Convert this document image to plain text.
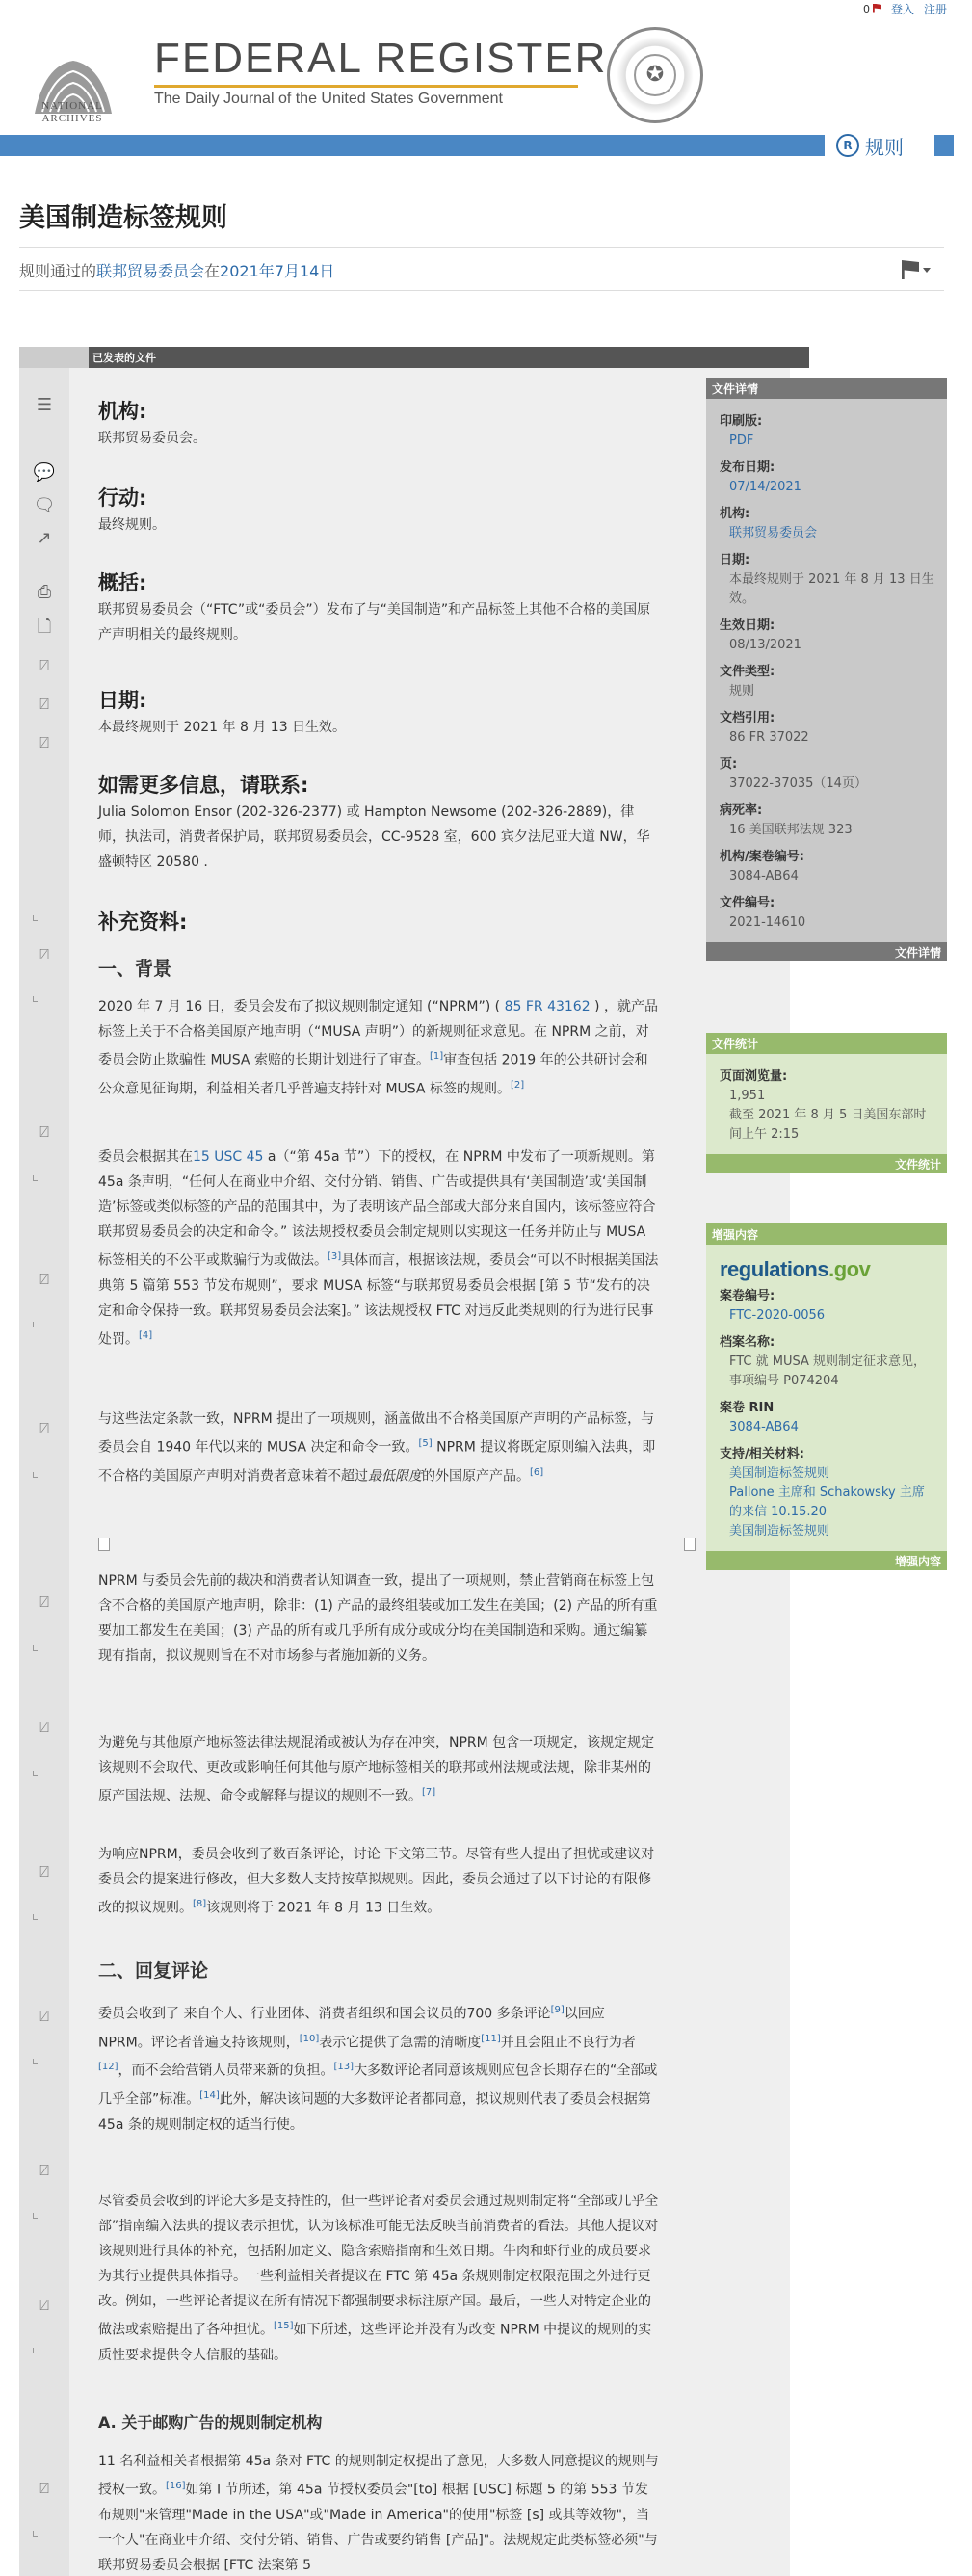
0	登入 注册
NATIONAL
ARCHIVES
FEDERAL REGISTER
The Daily Journal of the United States Government
✪
R 规则
美国制造标签规则
规则通过的联邦贸易委员会在2021年7月14日
已发表的文件
☰
💬
🗨
↗
⎙
🗋
⍁
⍁
⍁
⍁
⍁
⍁
⍁
⍁
⍁
⍁
⍁
⍁
⍁
⍁
机构:

联邦贸易委员会。

行动:

最终规则。

概括:

联邦贸易委员会（“FTC”或“委员会”）发布了与“美国制造”和产品标签上其他不合格的美国原产声明相关的最终规则。

日期:

本最终规则于 2021 年 8 月 13 日生效。

如需更多信息，请联系:

Julia Solomon Ensor (202-326-2377) 或 Hampton Newsome (202-326-2889)，律师，执法司，消费者保护局，联邦贸易委员会，CC-9528 室，600 宾夕法尼亚大道 NW，华盛顿特区 20580 .

补充资料:
一、背景

2020 年 7 月 16 日，委员会发布了拟议规则制定通知 (“NPRM”) ( 85 FR 43162 ) ，就产品标签上关于不合格美国原产地声明（“MUSA 声明”）的新规则征求意见。在 NPRM 之前，对委员会防止欺骗性 MUSA 索赔的长期计划进行了审查。[1]审查包括 2019 年的公共研讨会和公众意见征询期，利益相关者几乎普遍支持针对 MUSA 标签的规则。[2]

委员会根据其在15 USC 45 a（“第 45a 节”）下的授权，在 NPRM 中发布了一项新规则。第 45a 条声明，“任何人在商业中介绍、交付分销、销售、广告或提供具有‘美国制造’或‘美国制造’标签或类似标签的产品的范围其中，为了表明该产品全部或大部分来自国内，该标签应符合联邦贸易委员会的决定和命令。” 该法规授权委员会制定规则以实现这一任务并防止与 MUSA 标签相关的不公平或欺骗行为或做法。[3]具体而言，根据该法规，委员会“可以不时根据美国法典第 5 篇第 553 节发布规则”，要求 MUSA 标签“与联邦贸易委员会根据 [第 5 节“发布的决定和命令保持一致。联邦贸易委员会法案]。” 该法规授权 FTC 对违反此类规则的行为进行民事处罚。[4]

与这些法定条款一致，NPRM 提出了一项规则，涵盖做出不合格美国原产声明的产品标签，与委员会自 1940 年代以来的 MUSA 决定和命令一致。[5] NPRM 提议将既定原则编入法典，即不合格的美国原产声明对消费者意味着不超过最低限度的外国原产产品。[6]

NPRM 与委员会先前的裁决和消费者认知调查一致，提出了一项规则，禁止营销商在标签上包含不合格的美国原产地声明，除非：(1) 产品的最终组装或加工发生在美国；(2) 产品的所有重要加工都发生在美国；(3) 产品的所有或几乎所有成分或成分均在美国制造和采购。通过编纂现有指南，拟议规则旨在不对市场参与者施加新的义务。

为避免与其他原产地标签法律法规混淆或被认为存在冲突，NPRM 包含一项规定，该规定规定该规则不会取代、更改或影响任何其他与原产地标签相关的联邦或州法规或法规，除非某州的原产国法规、法规、命令或解释与提议的规则不一致。[7]

为响应NPRM，委员会收到了数百条评论，讨论 下文第三节。尽管有些人提出了担忧或建议对委员会的提案进行修改，但大多数人支持按草拟规则。因此，委员会通过了以下讨论的有限修改的拟议规则。[8]该规则将于 2021 年 8 月 13 日生效。

二、回复评论

委员会收到了 来自个人、行业团体、消费者组织和国会议员的700 多条评论[9]以回应 NPRM。评论者普遍支持该规则，[10]表示它提供了急需的清晰度[11]并且会阻止不良行为者[12]，而不会给营销人员带来新的负担。[13]大多数评论者同意该规则应包含长期存在的“全部或几乎全部”标准。[14]此外，解决该问题的大多数评论者都同意，拟议规则代表了委员会根据第 45a 条的规则制定权的适当行使。

尽管委员会收到的评论大多是支持性的，但一些评论者对委员会通过规则制定将“全部或几乎全部”指南编入法典的提议表示担忧，认为该标准可能无法反映当前消费者的看法。其他人提议对该规则进行具体的补充，包括附加定义、隐含索赔指南和生效日期。牛肉和虾行业的成员要求为其行业提供具体指导。一些利益相关者提议在 FTC 第 45a 条规则制定权限范围之外进行更改。例如，一些评论者提议在所有情况下都强制要求标注原产国。最后，一些人对特定企业的做法或索赔提出了各种担忧。[15]如下所述，这些评论并没有为改变 NPRM 中提议的规则的实质性要求提供令人信服的基础。

A. 关于邮购广告的规则制定机构

11 名利益相关者根据第 45a 条对 FTC 的规则制定权提出了意见，大多数人同意提议的规则与授权一致。[16]如第 I 节所述，第 45a 节授权委员会"[to] 根据 [USC] 标题 5 的第 553 节发布规则"来管理"Made in the USA"或"Made in America"的使用"标签 [s] 或其等效物"，当一个人"在商业中介绍、交付分销、销售、广告或要约销售 [产品]"。法规规定此类标签必须"与联邦贸易委员会根据 [FTC 法案第 5

文件详情
印刷版:
PDF
发布日期:
07/14/2021
机构:
联邦贸易委员会
日期:
本最终规则于 2021 年 8 月 13 日生效。
生效日期:
08/13/2021
文件类型:
规则
文档引用:
86 FR 37022
页:
37022-37035（14页）
病死率:
16 美国联邦法规 323
机构/案卷编号:
3084-AB64
文件编号:
2021-14610
文件详情
文件统计
页面浏览量:
1,951
截至 2021 年 8 月 5 日美国东部时间上午 2:15
文件统计
增强内容
regulations.gov
案卷编号:
FTC-2020-0056
档案名称:
FTC 就 MUSA 规则制定征求意见，事项编号 P074204
案卷 RIN
3084-AB64
支持/相关材料:
美国制造标签规则
Pallone 主席和 Schakowsky 主席的来信 10.15.20
美国制造标签规则
增强内容
